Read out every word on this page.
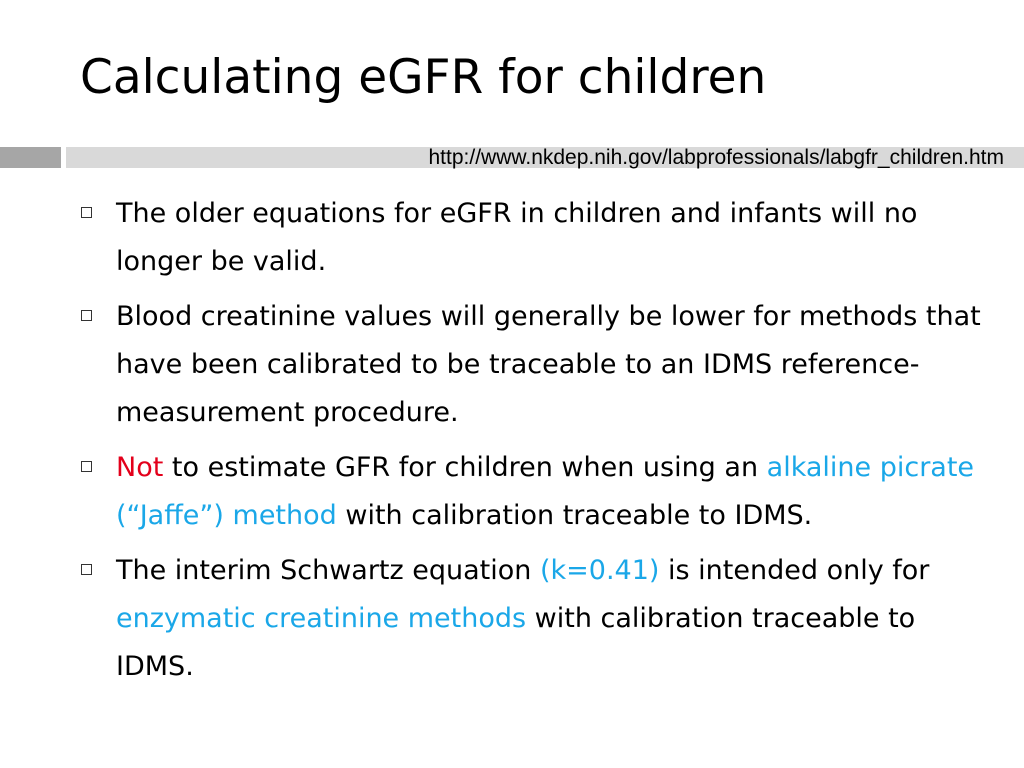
Calculating eGFR for children
http://www.nkdep.nih.gov/labprofessionals/labgfr_children.htm
The older equations for eGFR in children and infants will no longer be valid.
Blood creatinine values will generally be lower for methods that have been calibrated to be traceable to an IDMS reference-measurement procedure.
Not to estimate GFR for children when using an alkaline picrate (“Jaffe”) method with calibration traceable to IDMS.
The interim Schwartz equation (k=0.41) is intended only for enzymatic creatinine methods with calibration traceable to IDMS.
